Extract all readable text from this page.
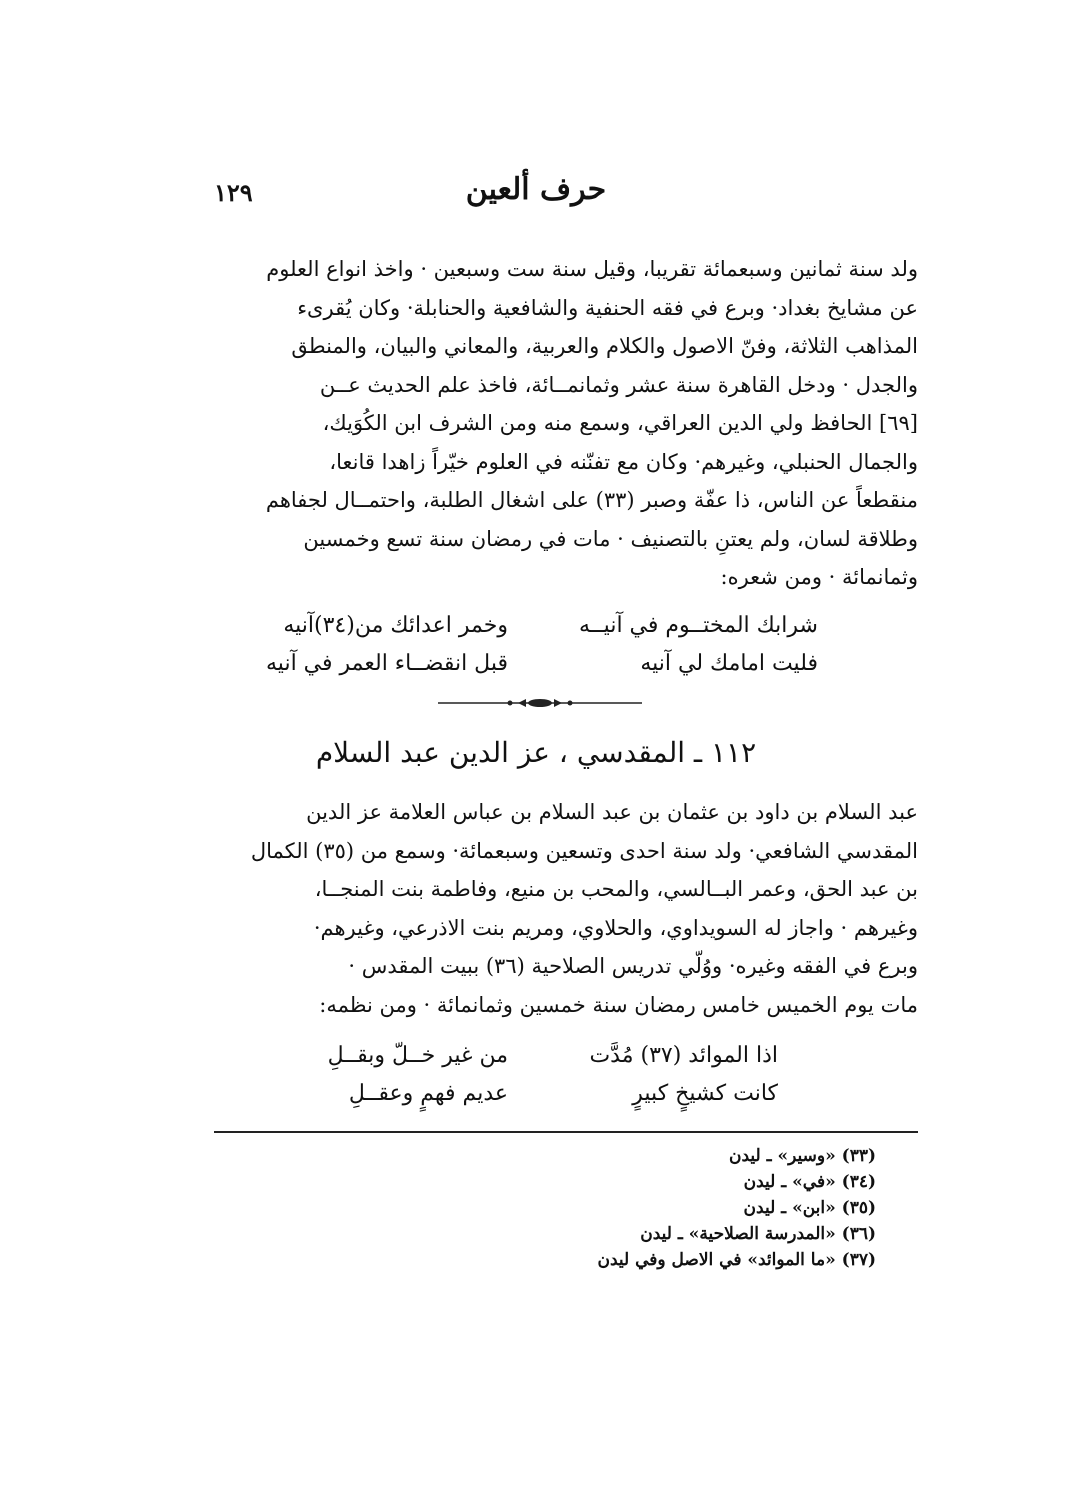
حرف ألعين
١٢٩
ولد سنة ثمانين وسبعمائة تقريبا، وقيل سنة ست وسبعين · واخذ انواع العلوم
عن مشايخ بغداد· وبرع في فقه الحنفية والشافعية والحنابلة· وكان يُقرىء
المذاهب الثلاثة، وفنّ الاصول والكلام والعربية، والمعاني والبيان، والمنطق
والجدل · ودخل القاهرة سنة عشر وثمانمــائة، فاخذ علم الحديث عــن
[٦٩] الحافظ ولي الدين العراقي، وسمع منه ومن الشرف ابن الكُوَيك،
والجمال الحنبلي، وغيرهم· وكان مع تفنّنه في العلوم خيّراً زاهدا قانعا،
منقطعاً عن الناس، ذا عفّة وصبر (٣٣) على اشغال الطلبة، واحتمــال لجفاهم
وطلاقة لسان، ولم يعتنِ بالتصنيف · مات في رمضان سنة تسع وخمسين
وثمانمائة · ومن شعره:
شرابك المختــوم في آنيــه
وخمر اعدائك من(٣٤)آنيه
فليت امامك لي آنيه
قبل انقضــاء العمر في آنيه
١١٢ ـ المقدسي ، عز الدين عبد السلام
عبد السلام بن داود بن عثمان بن عبد السلام بن عباس العلامة عز الدين
المقدسي الشافعي· ولد سنة احدى وتسعين وسبعمائة· وسمع من (٣٥) الكمال
بن عبد الحق، وعمر البــالسي، والمحب بن منيع، وفاطمة بنت المنجــا،
وغيرهم · واجاز له السويداوي، والحلاوي، ومريم بنت الاذرعي، وغيرهم·
وبرع في الفقه وغيره· ووُلّي تدريس الصلاحية (٣٦) ببيت المقدس ·
مات يوم الخميس خامس رمضان سنة خمسين وثمانمائة · ومن نظمه:
اذا الموائد (٣٧) مُدَّت
من غير خــلّ وبقــلِ
كانت كشيخٍ كبيرٍ
عديم فهمٍ وعقــلِ
(٣٣) «وسير» ـ ليدن
(٣٤) «في» ـ ليدن
(٣٥) «ابن» ـ ليدن
(٣٦) «المدرسة الصلاحية» ـ ليدن
(٣٧) «ما الموائد» في الاصل وفي ليدن
